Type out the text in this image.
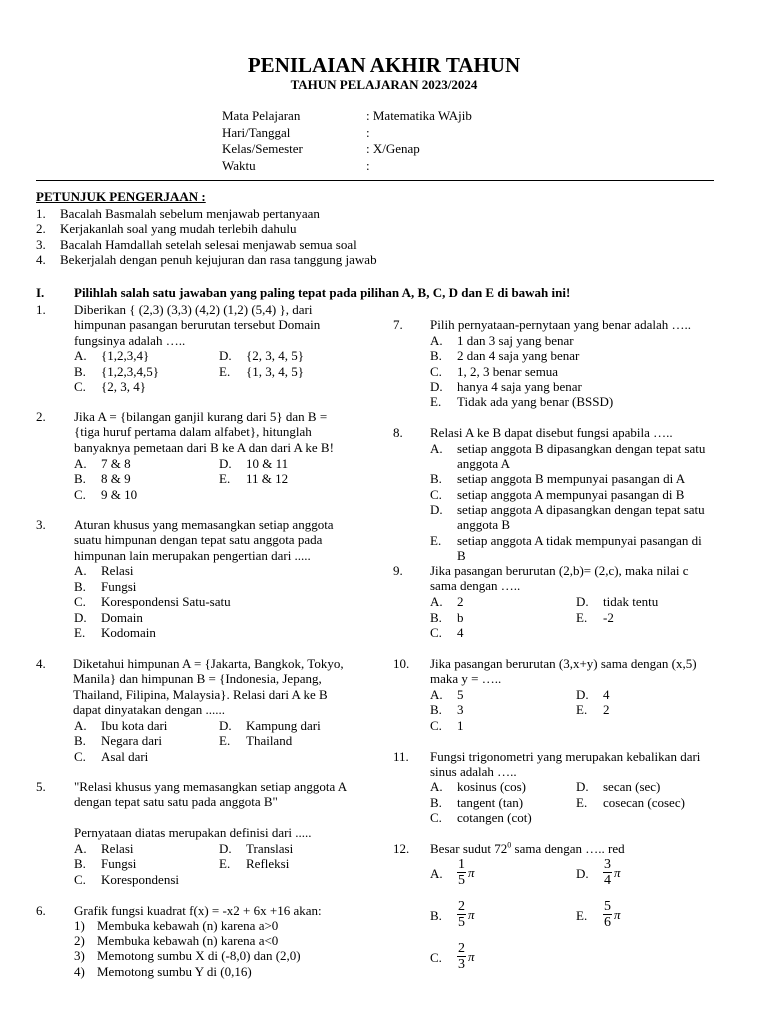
PENILAIAN AKHIR TAHUN
TAHUN PELAJARAN 2023/2024
Mata Pelajaran	: Matematika WAjib
Hari/Tanggal	:
Kelas/Semester	: X/Genap
Waktu	:
PETUNJUK PENGERJAAN :
1. Bacalah Basmalah sebelum menjawab pertanyaan
2. Kerjakanlah soal yang mudah terlebih dahulu
3. Bacalah Hamdallah setelah selesai menjawab semua soal
4. Bekerjalah dengan penuh kejujuran dan rasa tanggung jawab
I. Pilihlah salah satu jawaban yang paling tepat pada pilihan A, B, C, D dan E di bawah ini!
1. Diberikan { (2,3) (3,3) (4,2) (1,2) (5,4) }, dari
himpunan pasangan berurutan tersebut Domain
fungsinya adalah …..
A. {1,2,3,4}
B. {1,2,3,4,5}
C. {2, 3, 4}
D. {2, 3, 4, 5}
E. {1, 3, 4, 5}
2. Jika A = {bilangan ganjil kurang dari 5} dan B =
{tiga huruf pertama dalam alfabet}, hitunglah
banyaknya pemetaan dari B ke A dan dari A ke B!
A. 7 & 8
B. 8 & 9
C. 9 & 10
D. 10 & 11
E. 11 & 12
3. Aturan khusus yang memasangkan setiap anggota
suatu himpunan dengan tepat satu anggota pada
himpunan lain merupakan pengertian dari .....
A. Relasi
B. Fungsi
C. Korespondensi Satu-satu
D. Domain
E. Kodomain
4. Diketahui himpunan A = {Jakarta, Bangkok, Tokyo,
Manila} dan himpunan B = {Indonesia, Jepang,
Thailand, Filipina, Malaysia}. Relasi dari A ke B
dapat dinyatakan dengan ......
A. Ibu kota dari
B. Negara dari
C. Asal dari
D. Kampung dari
E. Thailand
5. "Relasi khusus yang memasangkan setiap anggota A
dengan tepat satu satu pada anggota B"
Pernyataan diatas merupakan definisi dari .....
A. Relasi
B. Fungsi
C. Korespondensi
D. Translasi
E. Refleksi
6. Grafik fungsi kuadrat f(x) = -x2 + 6x +16 akan:
1) Membuka kebawah (n) karena a>0
2) Membuka kebawah (n) karena a<0
3) Memotong sumbu X di (-8,0) dan (2,0)
4) Memotong sumbu Y di (0,16)
7. Pilih pernyataan-pernytaan yang benar adalah …..
A. 1 dan 3 saj yang benar
B. 2 dan 4 saja yang benar
C. 1, 2, 3 benar semua
D. hanya 4 saja yang benar
E. Tidak ada yang benar (BSSD)
8. Relasi A ke B dapat disebut fungsi apabila …..
A. setiap anggota B dipasangkan dengan tepat satu
anggota A
B. setiap anggota B mempunyai pasangan di A
C. setiap anggota A mempunyai pasangan di B
D. setiap anggota A dipasangkan dengan tepat satu
anggota B
E. setiap anggota A tidak mempunyai pasangan di
B
9. Jika pasangan berurutan (2,b)= (2,c), maka nilai c
sama dengan …..
A. 2
B. b
C. 4
D. tidak tentu
E. -2
10. Jika pasangan berurutan (3,x+y) sama dengan (x,5)
maka y = …..
A. 5
B. 3
C. 1
D. 4
E. 2
11. Fungsi trigonometri yang merupakan kebalikan dari
sinus adalah …..
A. kosinus (cos)
B. tangent (tan)
C. cotangen (cot)
D. secan (sec)
E. cosecan (cosec)
12. Besar sudut $72^0$ sama dengan ….. red
A. $\frac{1}{5}$ π	D. $\frac{3}{4}$ π
B. $\frac{2}{5}$ π	E. $\frac{5}{6}$ π
C. $\frac{2}{3}$ π
